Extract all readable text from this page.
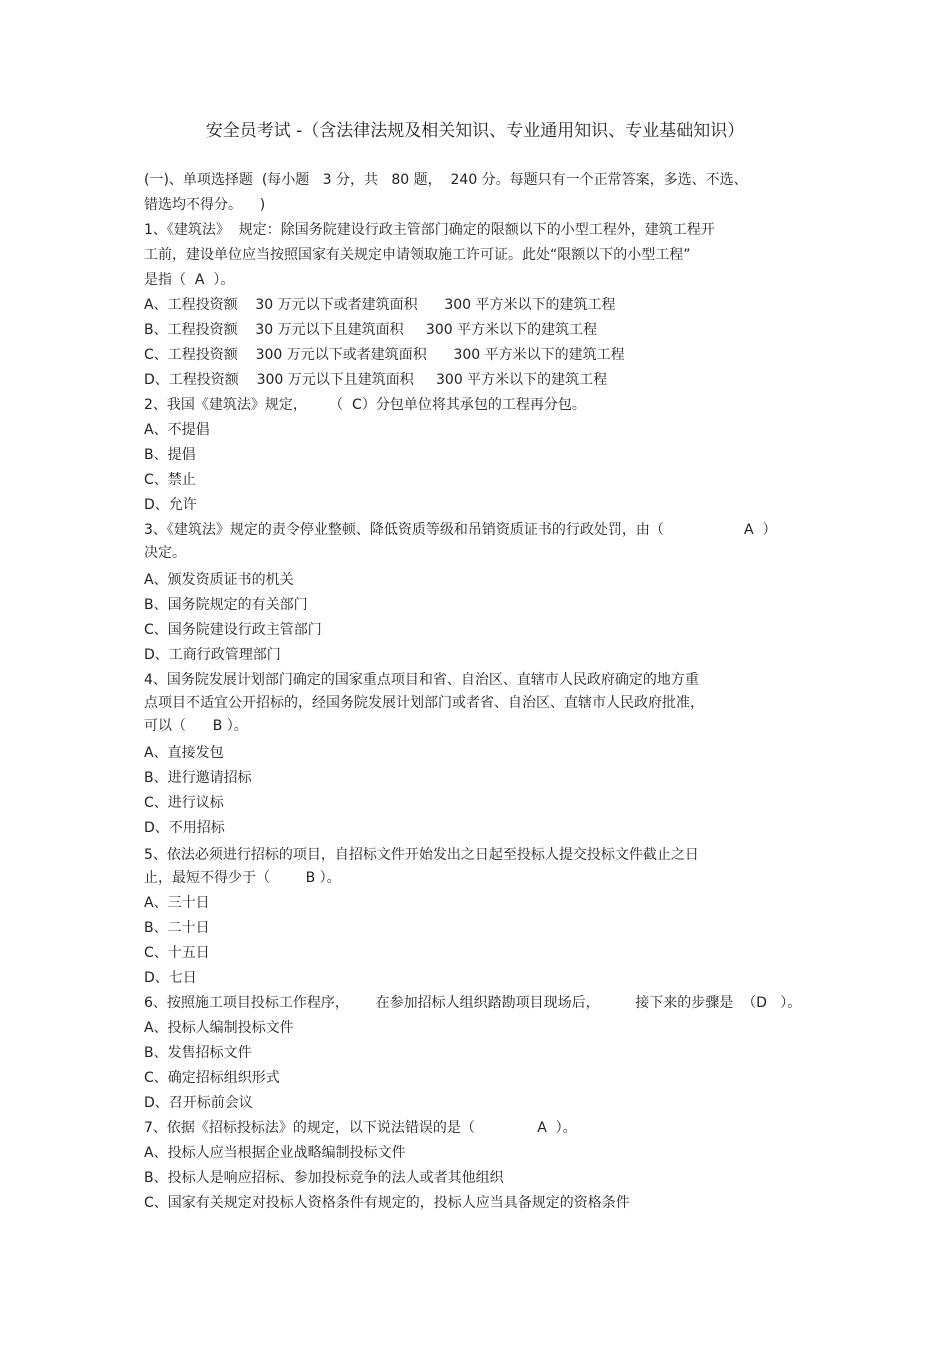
安全员考试 -（含法律法规及相关知识、专业通用知识、专业基础知识）
(一)、单项选择题  (每小题   3 分，共   80 题，  240 分。每题只有一个正常答案，多选、不选、
错选均不得分。    )
1、《建筑法》  规定：除国务院建设行政主管部门确定的限额以下的小型工程外，建筑工程开
工前，建设单位应当按照国家有关规定申请领取施工许可证。此处“限额以下的小型工程”
是指（  A  ）。
A、工程投资额    30 万元以下或者建筑面积      300 平方米以下的建筑工程
B、工程投资额    30 万元以下且建筑面积     300 平方米以下的建筑工程
C、工程投资额    300 万元以下或者建筑面积      300 平方米以下的建筑工程
D、工程投资额    300 万元以下且建筑面积     300 平方米以下的建筑工程
2、我国《建筑法》规定，     （  C）分包单位将其承包的工程再分包。
A、不提倡
B、提倡
C、禁止
D、允许
3、《建筑法》规定的责令停业整顿、降低资质等级和吊销资质证书的行政处罚，由（                  A  ）
决定。
A、颁发资质证书的机关
B、国务院规定的有关部门
C、国务院建设行政主管部门
D、工商行政管理部门
4、国务院发展计划部门确定的国家重点项目和省、自治区、直辖市人民政府确定的地方重
点项目不适宜公开招标的，经国务院发展计划部门或者省、自治区、直辖市人民政府批准，
可以（      B ）。
A、直接发包
B、进行邀请招标
C、进行议标
D、不用招标
5、依法必须进行招标的项目，自招标文件开始发出之日起至投标人提交投标文件截止之日
止，最短不得少于（        B ）。
A、三十日
B、二十日
C、十五日
D、七日
6、按照施工项目投标工作程序，      在参加招标人组织踏勘项目现场后，        接下来的步骤是  （D   ）。
A、投标人编制投标文件
B、发售招标文件
C、确定招标组织形式
D、召开标前会议
7、依据《招标投标法》的规定，以下说法错误的是（              A  ）。
A、投标人应当根据企业战略编制投标文件
B、投标人是响应招标、参加投标竞争的法人或者其他组织
C、国家有关规定对投标人资格条件有规定的，投标人应当具备规定的资格条件
